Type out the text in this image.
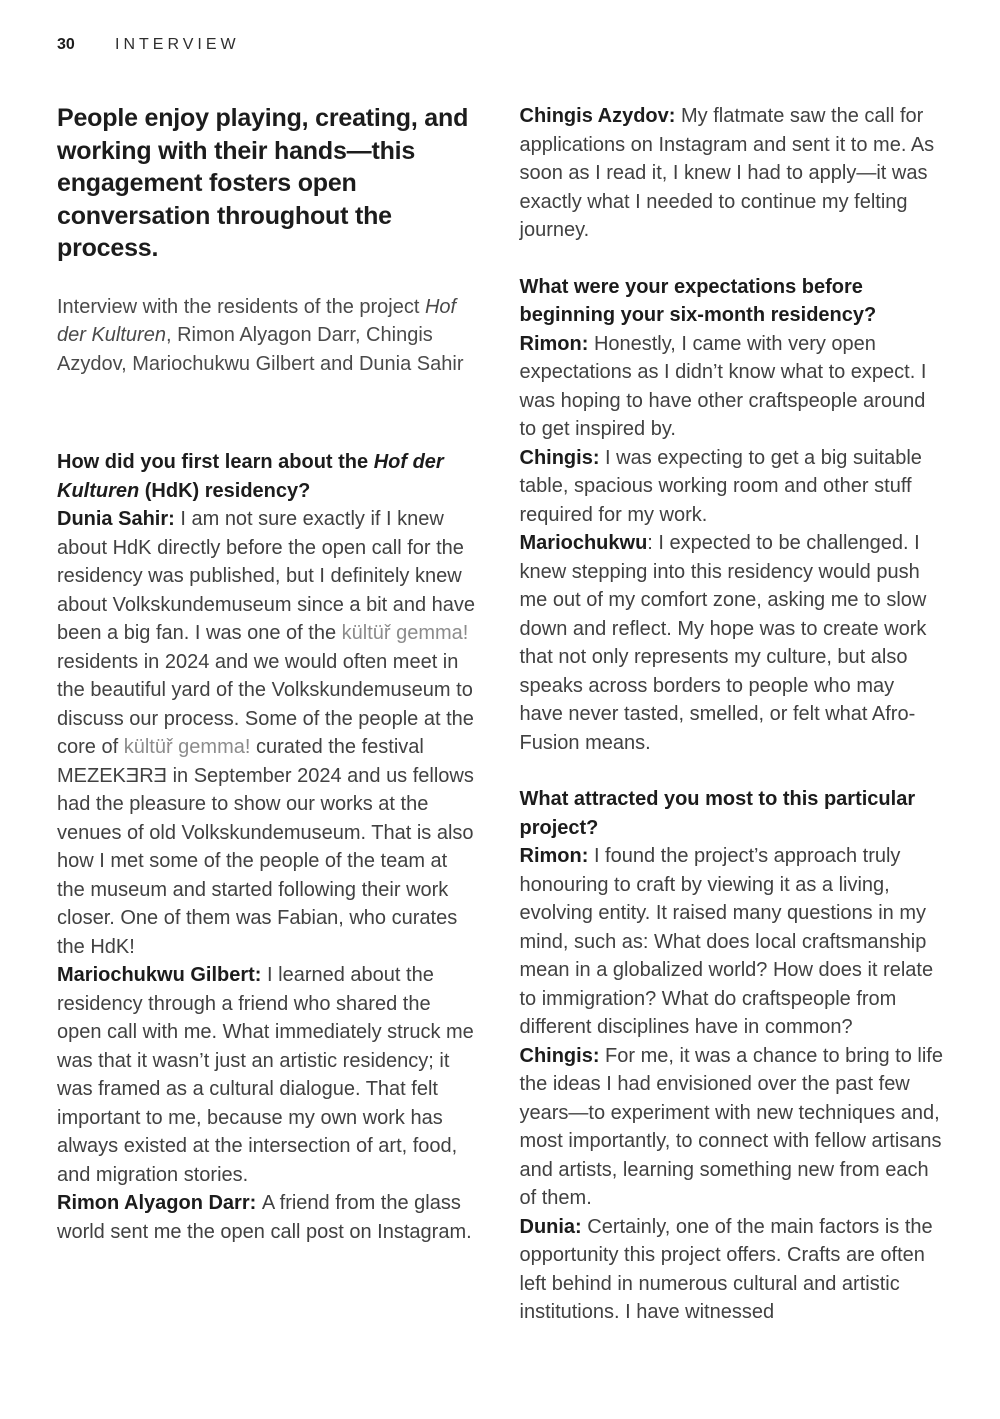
30	INTERVIEW
People enjoy playing, creating, and working with their hands—this engagement fosters open conversation throughout the process.

Interview with the residents of the project Hof der Kulturen, Rimon Alyagon Darr, Chingis Azydov, Mariochukwu Gilbert and Dunia Sahir

How did you first learn about the Hof der Kulturen (HdK) residency?

Dunia Sahir: I am not sure exactly if I knew about HdK directly before the open call for the residency was published, but I definitely knew about Volkskundemuseum since a bit and have been a big fan. I was one of the kültüř gemma! residents in 2024 and we would often meet in the beautiful yard of the Volkskundemuseum to discuss our process. Some of the people at the core of kültüř gemma! curated the festival MEZEKƎRƎ in September 2024 and us fellows had the pleasure to show our works at the venues of old Volkskundemuseum. That is also how I met some of the people of the team at the museum and started following their work closer. One of them was Fabian, who curates the HdK!

Mariochukwu Gilbert: I learned about the residency through a friend who shared the open call with me. What immediately struck me was that it wasn’t just an artistic residency; it was framed as a cultural dialogue. That felt important to me, because my own work has always existed at the intersection of art, food, and migration stories.

Rimon Alyagon Darr: A friend from the glass world sent me the open call post on Instagram.

Chingis Azydov: My flatmate saw the call for applications on Instagram and sent it to me. As soon as I read it, I knew I had to apply—it was exactly what I needed to continue my felting journey.

What were your expectations before beginning your six-month residency?

Rimon: Honestly, I came with very open expectations as I didn’t know what to expect. I was hoping to have other craftspeople around to get inspired by.

Chingis: I was expecting to get a big suitable table, spacious working room and other stuff required for my work.

Mariochukwu: I expected to be challenged. I knew stepping into this residency would push me out of my comfort zone, asking me to slow down and reflect. My hope was to create work that not only represents my culture, but also speaks across borders to people who may have never tasted, smelled, or felt what Afro-Fusion means.

What attracted you most to this particular project?

Rimon: I found the project’s approach truly honouring to craft by viewing it as a living, evolving entity. It raised many questions in my mind, such as: What does local craftsmanship mean in a globalized world? How does it relate to immigration? What do craftspeople from different disciplines have in common?

Chingis: For me, it was a chance to bring to life the ideas I had envisioned over the past few years—to experiment with new techniques and, most importantly, to connect with fellow artisans and artists, learning something new from each of them.

Dunia: Certainly, one of the main factors is the opportunity this project offers. Crafts are often left behind in numerous cultural and artistic institutions. I have witnessed
